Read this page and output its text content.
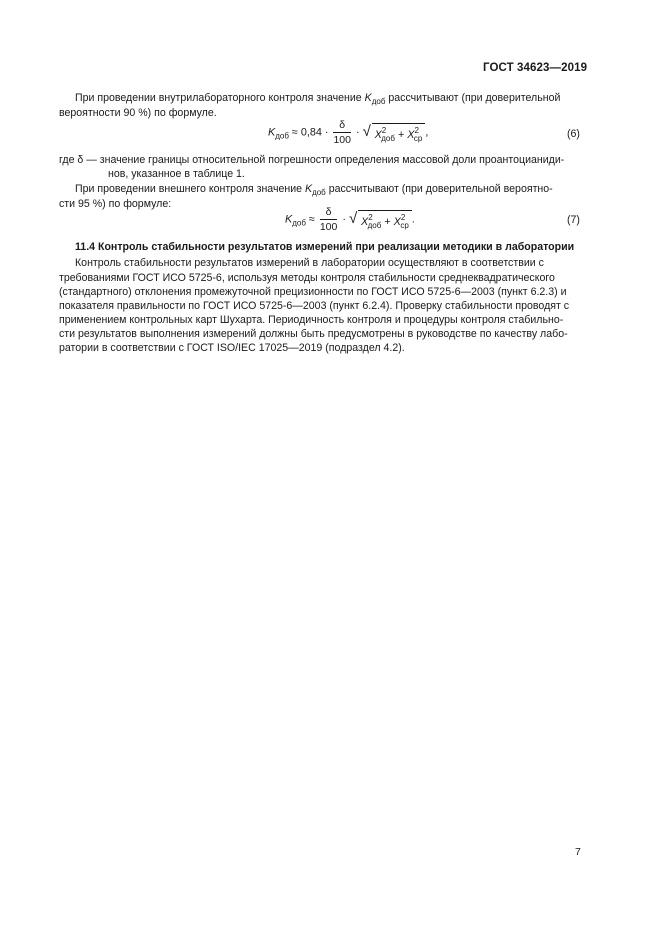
ГОСТ 34623—2019
При проведении внутрилабораторного контроля значение $K_{доб}$ рассчитывают (при доверительной
вероятности 90 %) по формуле.
$K_{доб} \approx 0,84 \cdot \frac{\delta}{100}$ · √ $X^2_{доб} + X^2_{ср}$ ,	(6)
где δ — значение границы относительной погрешности определения массовой доли проантоцианиди-
нов, указанное в таблице 1.
При проведении внешнего контроля значение $K_{доб}$ рассчитывают (при доверительной вероятно-
сти 95 %) по формуле:
$K_{доб} \approx \frac{\delta}{100}$ · √ $X^2_{доб} + X^2_{ср}$ .	(7)
11.4 Контроль стабильности результатов измерений при реализации методики в лаборатории
Контроль стабильности результатов измерений в лаборатории осуществляют в соответствии с
требованиями ГОСТ ИСО 5725-6, используя методы контроля стабильности среднеквадратического
(стандартного) отклонения промежуточной прецизионности по ГОСТ ИСО 5725-6—2003 (пункт 6.2.3) и
показателя правильности по ГОСТ ИСО 5725-6—2003 (пункт 6.2.4). Проверку стабильности проводят с
применением контрольных карт Шухарта. Периодичность контроля и процедуры контроля стабильно-
сти результатов выполнения измерений должны быть предусмотрены в руководстве по качеству лабо-
ратории в соответствии с ГОСТ ISO/IEC 17025—2019 (подраздел 4.2).
7
